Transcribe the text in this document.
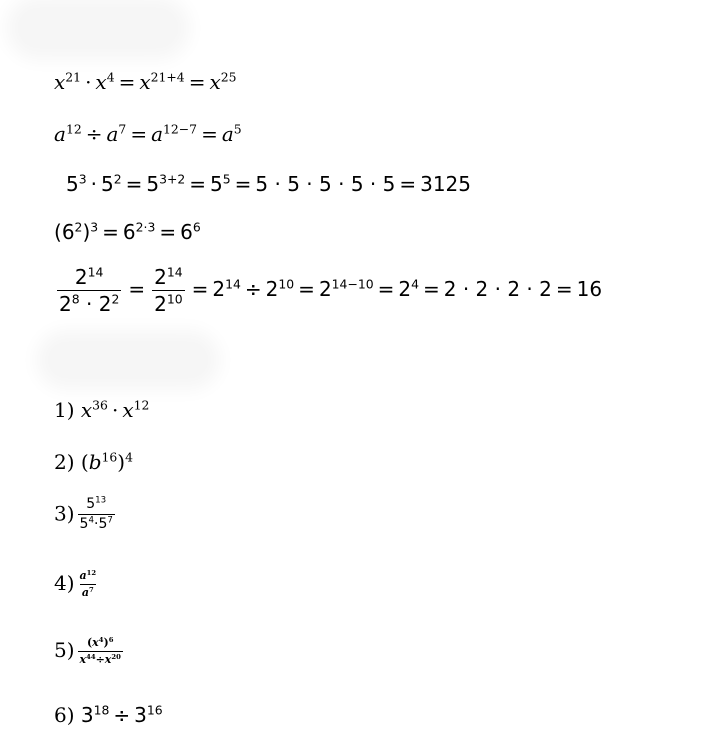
$x^{21} \cdot x^4 = x^{21+4} = x^{25}$
$a^{12} \div a^7 = a^{12-7} = a^5$
$5^3 \cdot 5^2 = 5^{3+2} = 5^5 = 5 \cdot 5 \cdot 5 \cdot 5 \cdot 5 = 3125$
$(6^2)^3 = 6^{2\cdot 3} = 6^6$
$\frac{2^{14}}{2^8 \cdot 2^2} = \frac{2^{14}}{2^{10}} = 2^{14} \div 2^{10} = 2^{14-10} = 2^4 = 2 \cdot 2 \cdot 2 \cdot 2 = 16$
1) $x^{36} \cdot x^{12}$
2) $(b^{16})^4$
$3) \frac{5^{13}}{5^4\cdot 5^7}$
$4) \frac{a^{12}}{a^7}$
$5) \frac{(x^4)^6}{x^{44}\div x^{20}}$
6) $3^{18} \div 3^{16}$
